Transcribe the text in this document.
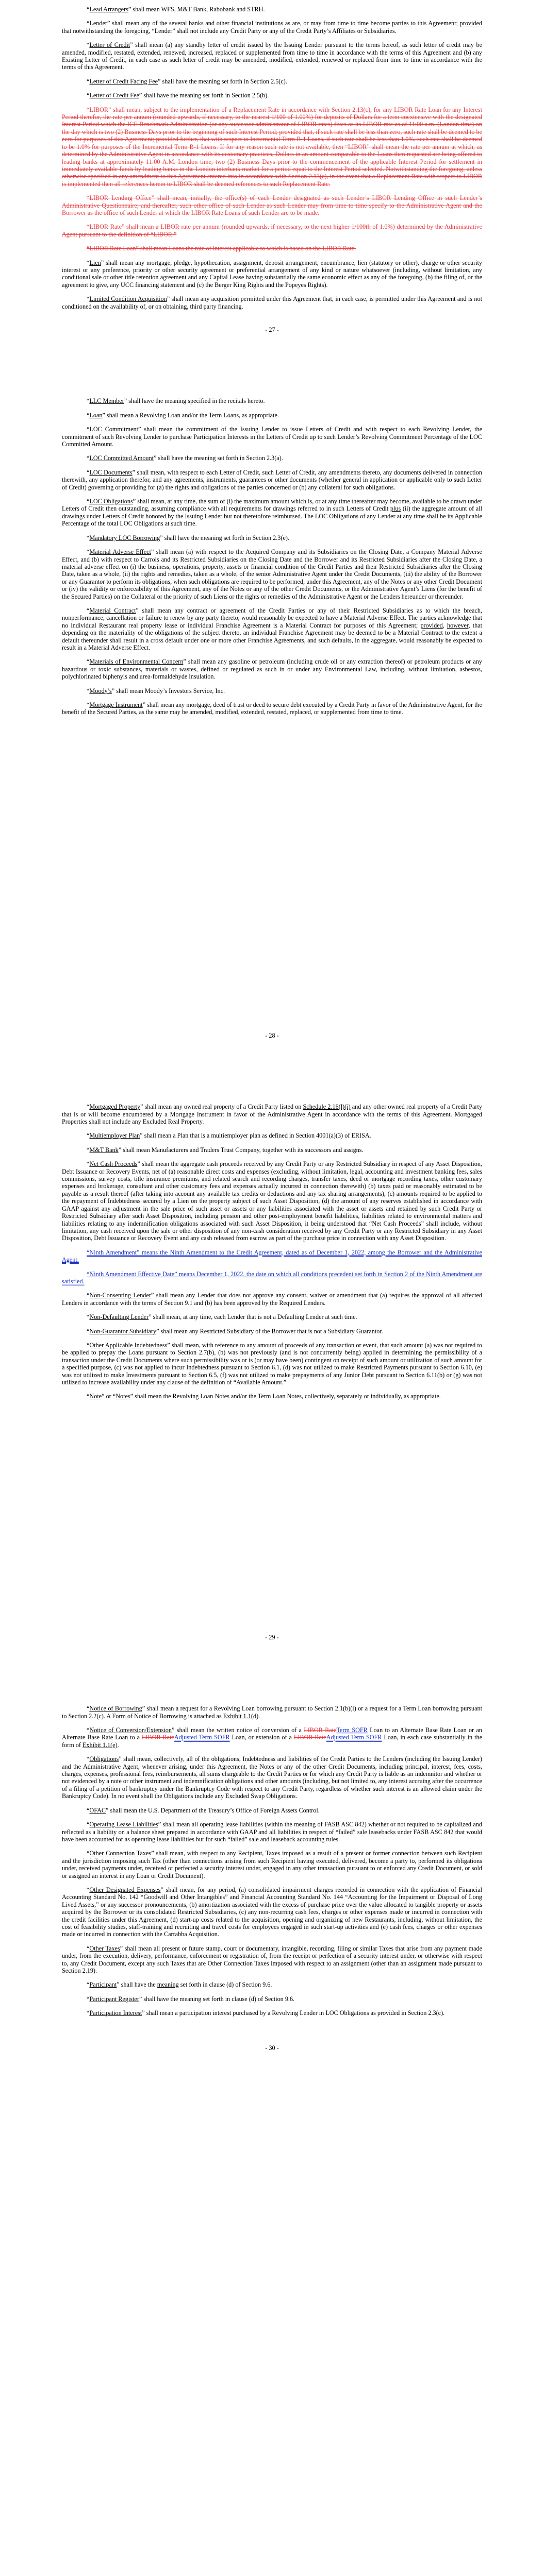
“Lead Arrangers” shall mean WFS, M&T Bank, Rabobank and STRH.

“Lender” shall mean any of the several banks and other financial institutions as are, or may from time to time become parties to this Agreement; provided that notwithstanding the foregoing, “Lender” shall not include any Credit Party or any of the Credit Party’s Affiliates or Subsidiaries.

“Letter of Credit” shall mean (a) any standby letter of credit issued by the Issuing Lender pursuant to the terms hereof, as such letter of credit may be amended, modified, restated, extended, renewed, increased, replaced or supplemented from time to time in accordance with the terms of this Agreement and (b) any Existing Letter of Credit, in each case as such letter of credit may be amended, modified, extended, renewed or replaced from time to time in accordance with the terms of this Agreement.

“Letter of Credit Facing Fee” shall have the meaning set forth in Section 2.5(c).

“Letter of Credit Fee” shall have the meaning set forth in Section 2.5(b).

“LIBOR” shall mean, subject to the implementation of a Replacement Rate in accordance with Section 2.13(c), for any LIBOR Rate Loan for any Interest Period therefor, the rate per annum (rounded upwards, if necessary, to the nearest 1/100 of 1.00%) for deposits of Dollars for a term coextensive with the designated Interest Period which the ICE Benchmark Administration (or any successor administrator of LIBOR rates) fixes as its LIBOR rate as of 11:00 a.m. (London time) on the day which is two (2) Business Days prior to the beginning of such Interest Period; provided that, if such rate shall be less than zero, such rate shall be deemed to be zero for purposes of this Agreement; provided further, that with respect to Incremental Term B-1 Loans, if such rate shall be less than 1.0%, such rate shall be deemed to be 1.0% for purposes of the Incremental Term B-1 Loans. If for any reason such rate is not available, then “LIBOR” shall mean the rate per annum at which, as determined by the Administrative Agent in accordance with its customary practices, Dollars in an amount comparable to the Loans then requested are being offered to leading banks at approximately 11:00 A.M. London time, two (2) Business Days prior to the commencement of the applicable Interest Period for settlement in immediately available funds by leading banks in the London interbank market for a period equal to the Interest Period selected. Notwithstanding the foregoing, unless otherwise specified in any amendment to this Agreement entered into in accordance with Section 2.13(c), in the event that a Replacement Rate with respect to LIBOR is implemented then all references herein to LIBOR shall be deemed references to such Replacement Rate.

“LIBOR Lending Office” shall mean, initially, the office(s) of each Lender designated as such Lender’s LIBOR Lending Office in such Lender’s Administrative Questionnaire; and thereafter, such other office of such Lender as such Lender may from time to time specify to the Administrative Agent and the Borrower as the office of such Lender at which the LIBOR Rate Loans of such Lender are to be made.

“LIBOR Rate” shall mean a LIBOR rate per annum (rounded upwards, if necessary, to the next higher 1/100th of 1.0%) determined by the Administrative Agent pursuant to the definition of “LIBOR.”

“LIBOR Rate Loan” shall mean Loans the rate of interest applicable to which is based on the LIBOR Rate.

“Lien” shall mean any mortgage, pledge, hypothecation, assignment, deposit arrangement, encumbrance, lien (statutory or other), charge or other security interest or any preference, priority or other security agreement or preferential arrangement of any kind or nature whatsoever (including, without limitation, any conditional sale or other title retention agreement and any Capital Lease having substantially the same economic effect as any of the foregoing, (b) the filing of, or the agreement to give, any UCC financing statement and (c) the Berger King Rights and the Popeyes Rights).

“Limited Condition Acquisition” shall mean any acquisition permitted under this Agreement that, in each case, is permitted under this Agreement and is not conditioned on the availability of, or on obtaining, third party financing.

- 27 -

“LLC Member” shall have the meaning specified in the recitals hereto.

“Loan” shall mean a Revolving Loan and/or the Term Loans, as appropriate.

“LOC Commitment” shall mean the commitment of the Issuing Lender to issue Letters of Credit and with respect to each Revolving Lender, the commitment of such Revolving Lender to purchase Participation Interests in the Letters of Credit up to such Lender’s Revolving Commitment Percentage of the LOC Committed Amount.

“LOC Committed Amount” shall have the meaning set forth in Section 2.3(a).

“LOC Documents” shall mean, with respect to each Letter of Credit, such Letter of Credit, any amendments thereto, any documents delivered in connection therewith, any application therefor, and any agreements, instruments, guarantees or other documents (whether general in application or applicable only to such Letter of Credit) governing or providing for (a) the rights and obligations of the parties concerned or (b) any collateral for such obligations.

“LOC Obligations” shall mean, at any time, the sum of (i) the maximum amount which is, or at any time thereafter may become, available to be drawn under Letters of Credit then outstanding, assuming compliance with all requirements for drawings referred to in such Letters of Credit plus (ii) the aggregate amount of all drawings under Letters of Credit honored by the Issuing Lender but not theretofore reimbursed. The LOC Obligations of any Lender at any time shall be its Applicable Percentage of the total LOC Obligations at such time.

“Mandatory LOC Borrowing” shall have the meaning set forth in Section 2.3(e).

“Material Adverse Effect” shall mean (a) with respect to the Acquired Company and its Subsidiaries on the Closing Date, a Company Material Adverse Effect, and (b) with respect to Carrols and its Restricted Subsidiaries on the Closing Date and the Borrower and its Restricted Subsidiaries after the Closing Date, a material adverse effect on (i) the business, operations, property, assets or financial condition of the Credit Parties and their Restricted Subsidiaries after the Closing Date, taken as a whole, (ii) the rights and remedies, taken as a whole, of the senior Administrative Agent under the Credit Documents, (iii) the ability of the Borrower or any Guarantor to perform its obligations, when such obligations are required to be performed, under this Agreement, any of the Notes or any other Credit Document or (iv) the validity or enforceability of this Agreement, any of the Notes or any of the other Credit Documents, or the Administrative Agent’s Liens (for the benefit of the Secured Parties) on the Collateral or the priority of such Liens or the rights or remedies of the Administrative Agent or the Lenders hereunder or thereunder.

“Material Contract” shall mean any contract or agreement of the Credit Parties or any of their Restricted Subsidiaries as to which the breach, nonperformance, cancellation or failure to renew by any party thereto, would reasonably be expected to have a Material Adverse Effect. The parties acknowledge that no individual Restaurant real property lease or individual Franchise Agreement is a Material Contract for purposes of this Agreement; provided, however, that depending on the materiality of the obligations of the subject thereto, an individual Franchise Agreement may be deemed to be a Material Contract to the extent a default thereunder shall result in a cross default under one or more other Franchise Agreements, and such defaults, in the aggregate, would reasonably be expected to result in a Material Adverse Effect.

“Materials of Environmental Concern” shall mean any gasoline or petroleum (including crude oil or any extraction thereof) or petroleum products or any hazardous or toxic substances, materials or wastes, defined or regulated as such in or under any Environmental Law, including, without limitation, asbestos, polychlorinated biphenyls and urea-formaldehyde insulation.

“Moody’s” shall mean Moody’s Investors Service, Inc.

“Mortgage Instrument” shall mean any mortgage, deed of trust or deed to secure debt executed by a Credit Party in favor of the Administrative Agent, for the benefit of the Secured Parties, as the same may be amended, modified, extended, restated, replaced, or supplemented from time to time.

- 28 -

“Mortgaged Property” shall mean any owned real property of a Credit Party listed on Schedule 2.16(l)(i) and any other owned real property of a Credit Party that is or will become encumbered by a Mortgage Instrument in favor of the Administrative Agent in accordance with the terms of this Agreement. Mortgaged Properties shall not include any Excluded Real Property.

“Multiemployer Plan” shall mean a Plan that is a multiemployer plan as defined in Section 4001(a)(3) of ERISA.

“M&T Bank” shall mean Manufacturers and Traders Trust Company, together with its successors and assigns.

“Net Cash Proceeds” shall mean the aggregate cash proceeds received by any Credit Party or any Restricted Subsidiary in respect of any Asset Disposition, Debt Issuance or Recovery Events, net of (a) reasonable direct costs and expenses (excluding, without limitation, legal, accounting and investment banking fees, sales commissions, survey costs, title insurance premiums, and related search and recording charges, transfer taxes, deed or mortgage recording taxes, other customary expenses and brokerage, consultant and other customary fees and expenses actually incurred in connection therewith) (b) taxes paid or reasonably estimated to be payable as a result thereof (after taking into account any available tax credits or deductions and any tax sharing arrangements), (c) amounts required to be applied to the repayment of Indebtedness secured by a Lien on the property subject of such Asset Disposition, (d) the amount of any reserves established in accordance with GAAP against any adjustment in the sale price of such asset or assets or any liabilities associated with the asset or assets and retained by such Credit Party or Restricted Subsidiary after such Asset Disposition, including pension and other post-employment benefit liabilities, liabilities related to environmental matters and liabilities relating to any indemnification obligations associated with such Asset Disposition, it being understood that “Net Cash Proceeds” shall include, without limitation, any cash received upon the sale or other disposition of any non-cash consideration received by any Credit Party or any Restricted Subsidiary in any Asset Disposition, Debt Issuance or Recovery Event and any cash released from escrow as part of the purchase price in connection with any Asset Disposition.

“Ninth Amendment” means the Ninth Amendment to the Credit Agreement, dated as of December 1, 2022, among the Borrower and the Administrative Agent.

“Ninth Amendment Effective Date” means December 1, 2022, the date on which all conditions precedent set forth in Section 2 of the Ninth Amendment are satisfied.

“Non-Consenting Lender” shall mean any Lender that does not approve any consent, waiver or amendment that (a) requires the approval of all affected Lenders in accordance with the terms of Section 9.1 and (b) has been approved by the Required Lenders.

“Non-Defaulting Lender” shall mean, at any time, each Lender that is not a Defaulting Lender at such time.

“Non-Guarantor Subsidiary” shall mean any Restricted Subsidiary of the Borrower that is not a Subsidiary Guarantor.

“Other Applicable Indebtedness” shall mean, with reference to any amount of proceeds of any transaction or event, that such amount (a) was not required to be applied to prepay the Loans pursuant to Section 2.7(b), (b) was not previously (and is not concurrently being) applied in determining the permissibility of a transaction under the Credit Documents where such permissibility was or is (or may have been) contingent on receipt of such amount or utilization of such amount for a specified purpose, (c) was not applied to incur Indebtedness pursuant to Section 6.1, (d) was not utilized to make Restricted Payments pursuant to Section 6.10, (e) was not utilized to make Investments pursuant to Section 6.5, (f) was not utilized to make prepayments of any Junior Debt pursuant to Section 6.11(b) or (g) was not utilized to increase availability under any clause of the definition of “Available Amount.”

“Note” or “Notes” shall mean the Revolving Loan Notes and/or the Term Loan Notes, collectively, separately or individually, as appropriate.

- 29 -

“Notice of Borrowing” shall mean a request for a Revolving Loan borrowing pursuant to Section 2.1(b)(i) or a request for a Term Loan borrowing pursuant to Section 2.2(c). A Form of Notice of Borrowing is attached as Exhibit 1.1(d).

“Notice of Conversion/Extension” shall mean the written notice of conversion of a LIBOR RateTerm SOFR Loan to an Alternate Base Rate Loan or an Alternate Base Rate Loan to a LIBOR RateAdjusted Term SOFR Loan, or extension of a LIBOR RateAdjusted Term SOFR Loan, in each case substantially in the form of Exhibit 1.1(e).

“Obligations” shall mean, collectively, all of the obligations, Indebtedness and liabilities of the Credit Parties to the Lenders (including the Issuing Lender) and the Administrative Agent, whenever arising, under this Agreement, the Notes or any of the other Credit Documents, including principal, interest, fees, costs, charges, expenses, professional fees, reimbursements, all sums chargeable to the Credit Parties or for which any Credit Party is liable as an indemnitor and whether or not evidenced by a note or other instrument and indemnification obligations and other amounts (including, but not limited to, any interest accruing after the occurrence of a filing of a petition of bankruptcy under the Bankruptcy Code with respect to any Credit Party, regardless of whether such interest is an allowed claim under the Bankruptcy Code). In no event shall the Obligations include any Excluded Swap Obligations.

“OFAC” shall mean the U.S. Department of the Treasury’s Office of Foreign Assets Control.

“Operating Lease Liabilities” shall mean all operating lease liabilities (within the meaning of FASB ASC 842) whether or not required to be capitalized and reflected as a liability on a balance sheet prepared in accordance with GAAP and all liabilities in respect of “failed” sale leasebacks under FASB ASC 842 that would have been accounted for as operating lease liabilities but for such “failed” sale and leaseback accounting rules.

“Other Connection Taxes” shall mean, with respect to any Recipient, Taxes imposed as a result of a present or former connection between such Recipient and the jurisdiction imposing such Tax (other than connections arising from such Recipient having executed, delivered, become a party to, performed its obligations under, received payments under, received or perfected a security interest under, engaged in any other transaction pursuant to or enforced any Credit Document, or sold or assigned an interest in any Loan or Credit Document).

“Other Designated Expenses” shall mean, for any period, (a) consolidated impairment charges recorded in connection with the application of Financial Accounting Standard No. 142 “Goodwill and Other Intangibles” and Financial Accounting Standard No. 144 “Accounting for the Impairment or Disposal of Long Lived Assets,” or any successor pronouncements, (b) amortization associated with the excess of purchase price over the value allocated to tangible property or assets acquired by the Borrower or its consolidated Restricted Subsidiaries, (c) any non-recurring cash fees, charges or other expenses made or incurred in connection with the credit facilities under this Agreement, (d) start-up costs related to the acquisition, opening and organizing of new Restaurants, including, without limitation, the cost of feasibility studies, staff-training and recruiting and travel costs for employees engaged in such start-up activities and (e) cash fees, charges or other expenses made or incurred in connection with the Carrabba Acquisition.

“Other Taxes” shall mean all present or future stamp, court or documentary, intangible, recording, filing or similar Taxes that arise from any payment made under, from the execution, delivery, performance, enforcement or registration of, from the receipt or perfection of a security interest under, or otherwise with respect to, any Credit Document, except any such Taxes that are Other Connection Taxes imposed with respect to an assignment (other than an assignment made pursuant to Section 2.19).

“Participant” shall have the meaning set forth in clause (d) of Section 9.6.

“Participant Register” shall have the meaning set forth in clause (d) of Section 9.6.

“Participation Interest” shall mean a participation interest purchased by a Revolving Lender in LOC Obligations as provided in Section 2.3(c).

- 30 -
